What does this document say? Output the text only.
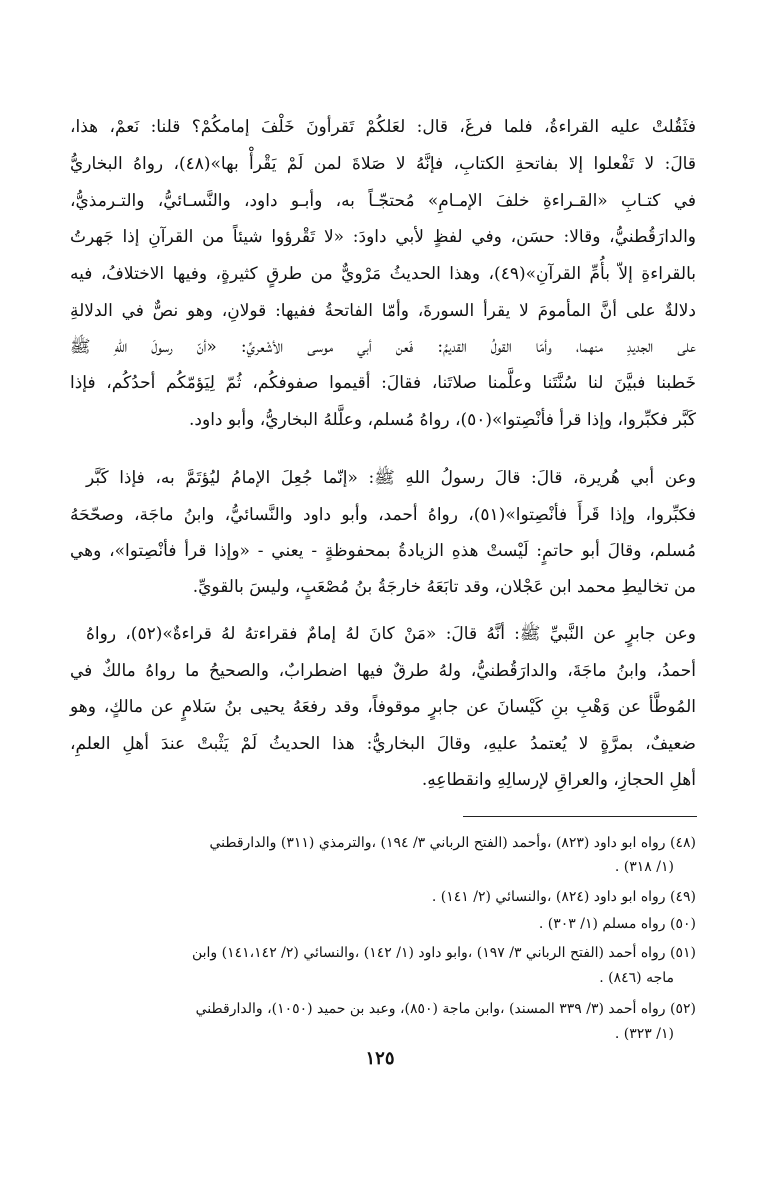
فثَقُلتْ عليه القراءةُ، فلما فرغَ، قال: لعَلكُمْ تَقرأونَ خَلْفَ إمامكُمْ؟ قلنا: نَعمْ، هذا،
قالَ: لا تَفْعلوا إلا بفاتحةِ الكتابِ، فإنَّهُ لا صَلاةَ لمن لَمْ يَقْرأْ بها»(٤٨)، رواهُ البخاريُّ
في كتـابِ «القـراءةِ خلفَ الإمـامِ» مُحتجّـاً به، وأبـو داود، والنَّسـائيُّ، والتـرمذيُّ،
والدارَقُطنيُّ، وقالا: حسَن، وفي لفظٍ لأبي داودَ: «لا تَقْرؤوا شيئاً من القرآنِ إذا جَهرتُ
بالقراءةِ إلاّ بأُمِّ القرآنِ»(٤٩)، وهذا الحديثُ مَرْويٌّ من طرقٍ كثيرةٍ، وفيها الاختلافُ، فيه
دلالةٌ على أنَّ المأمومَ لا يقرأ السورةَ، وأمّا الفاتحةُ ففيها: قولانِ، وهو نصٌّ في الدلالةِ
على الجديدِ منهما، وأمّا القولُ القديمُ: فَعن أبي موسى الأشْعريِّ: «أنّ رسولَ اللهِ ﷺ
خَطبنا فبيَّنَ لنا سُنَّتَنا وعلَّمنا صلاتَنا، فقالَ: أقيموا صفوفكُم، ثُمّ لِيَؤمّكُم أحدُكُم، فإذا
كَبَّر فكبِّروا، وإذا قرأ فأنْصِتوا»(٥٠)، رواهُ مُسلم، وعلَّلهُ البخاريُّ، وأبو داود.
وعن أبي هُريرة، قالَ: قالَ رسولُ اللهِ ﷺ: «إنّما جُعِلَ الإمامُ ليُؤتَمَّ به، فإذا كَبَّر
فكبِّروا، وإذا قَرأَ فأنْصِتوا»(٥١)، رواهُ أحمد، وأبو داود والنَّسائيُّ، وابنُ ماجَة، وصحّحَهُ
مُسلم، وقالَ أبو حاتمٍ: لَيْستْ هذهِ الزيادةُ بمحفوظةٍ - يعني - «وإذا قرأ فأنْصِتوا»، وهي
من تخاليطِ محمد ابن عَجْلان، وقد تابَعَهُ خارجَةُ بنُ مُصْعَبٍ، وليسَ بالقويِّ.
وعن جابرٍ عن النَّبيِّ ﷺ: أنَّهُ قالَ: «مَنْ كانَ لهُ إمامٌ فقراءتهُ لهُ قراءةٌ»(٥٢)، رواهُ
أحمدُ، وابنُ ماجَةَ، والدارَقُطنيُّ، ولهُ طرقٌ فيها اضطرابٌ، والصحيحُ ما رواهُ مالكٌ في
المُوطَّأ عن وَهْبِ بنِ كَيْسانَ عن جابرٍ موقوفاً، وقد رفعَهُ يحيى بنُ سَلامٍ عن مالكٍ، وهو
ضعيفٌ، بمرَّةٍ لا يُعتمدُ عليهِ، وقالَ البخاريُّ: هذا الحديثُ لَمْ يَثْبتْ عندَ أهلِ العلمِ،
أهلِ الحجازِ، والعراقِ لإرسالِهِ وانقطاعِهِ.
(٤٨) رواه ابو داود (٨٢٣) ،وأحمد (الفتح الرباني ٣/ ١٩٤) ،والترمذي (٣١١) والدارقطني
(١/ ٣١٨) .
(٤٩) رواه ابو داود (٨٢٤) ،والنسائي (٢/ ١٤١) .
(٥٠) رواه مسلم (١/ ٣٠٣) .
(٥١) رواه أحمد (الفتح الرباني ٣/ ١٩٧) ،وابو داود (١/ ١٤٢) ،والنسائي (٢/ ١٤١،١٤٢) وابن
ماجه (٨٤٦) .
(٥٢) رواه أحمد (٣/ ٣٣٩ المسند) ،وابن ماجة (٨٥٠)، وعبد بن حميد (١٠٥٠)، والدارقطني
(١/ ٣٢٣) .
١٢٥
